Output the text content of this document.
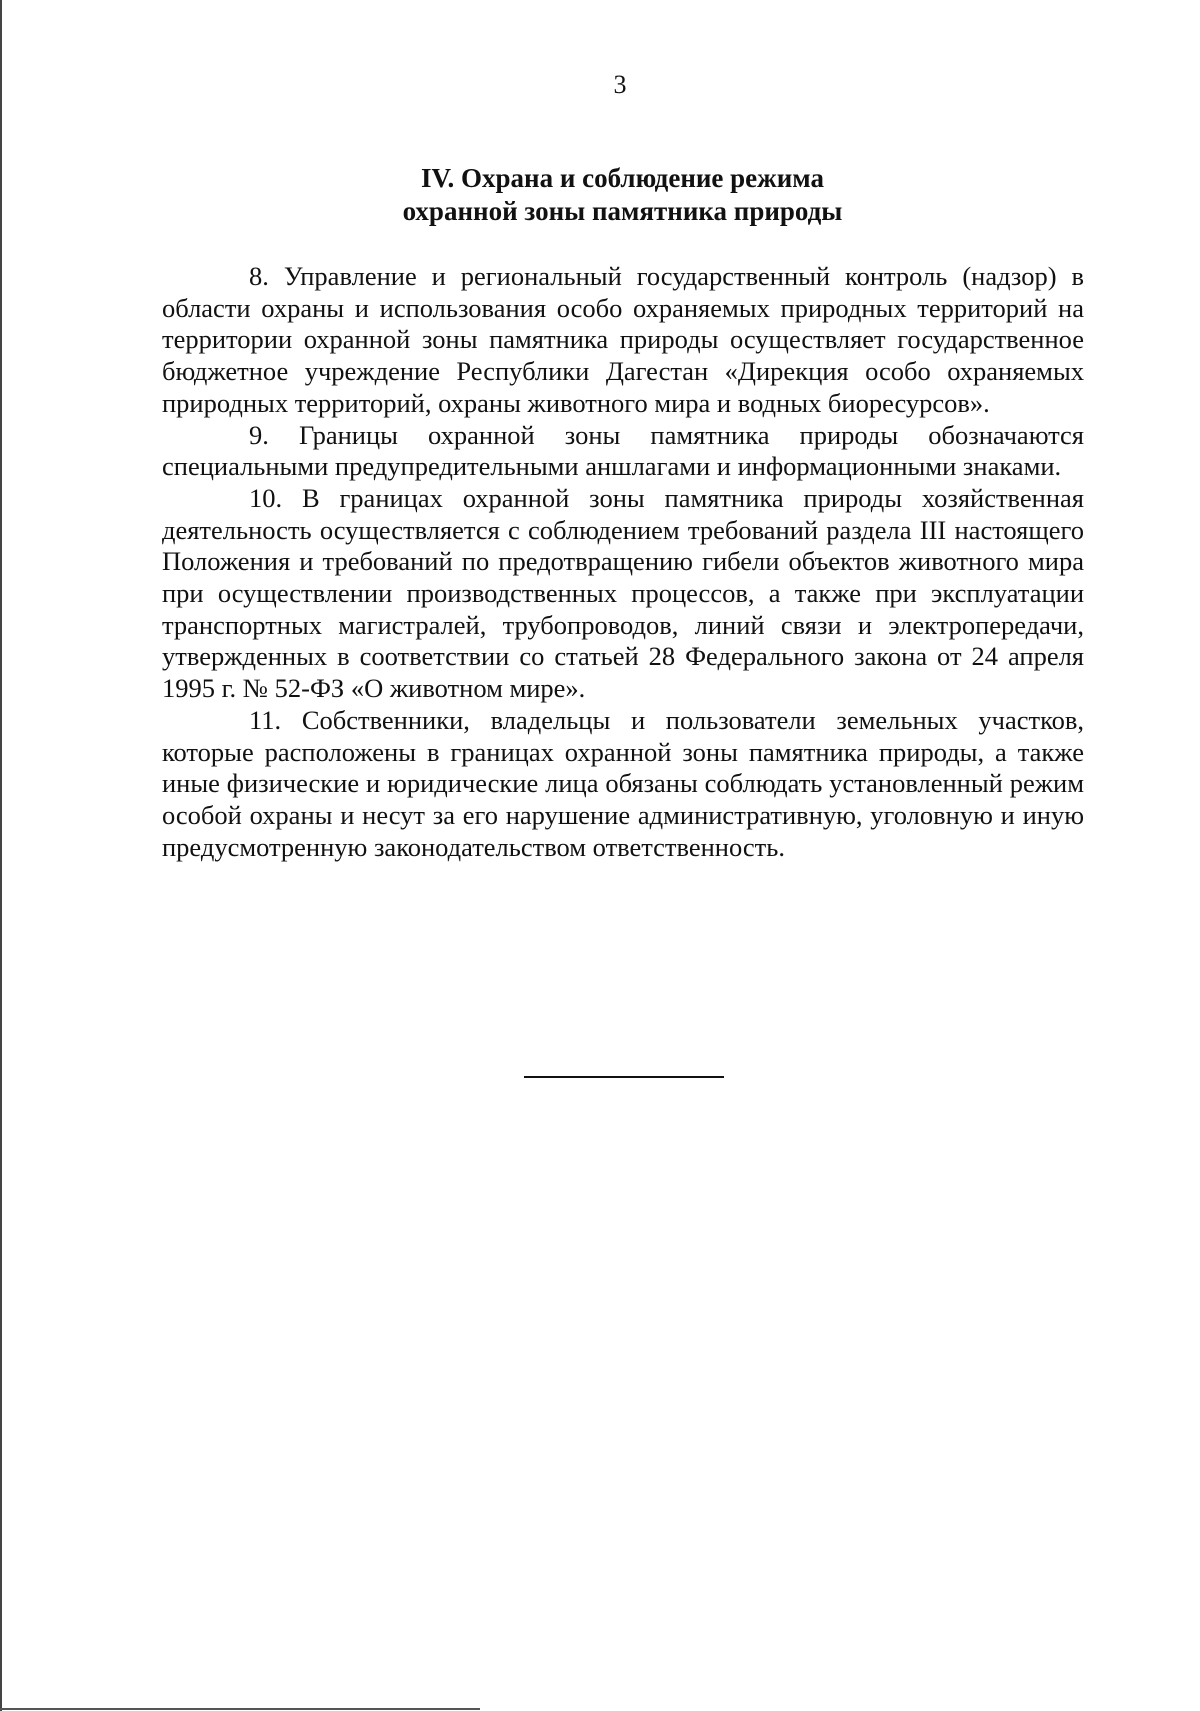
3
IV. Охрана и соблюдение режима
охранной зоны памятника природы

8. Управление и региональный государственный контроль (надзор) в области охраны и использования особо охраняемых природных территорий на территории охранной зоны памятника природы осуществляет государственное бюджетное учреждение Республики Дагестан «Дирекция особо охраняемых природных территорий, охраны животного мира и водных биоресурсов».

9. Границы охранной зоны памятника природы обозначаются специальными предупредительными аншлагами и информационными знаками.

10. В границах охранной зоны памятника природы хозяйственная деятельность осуществляется с соблюдением требований раздела III настоящего Положения и требований по предотвращению гибели объектов животного мира при осуществлении производственных процессов, а также при эксплуатации транспортных магистралей, трубопроводов, линий связи и электропередачи, утвержденных в соответствии со статьей 28 Федерального закона от 24 апреля 1995 г. № 52-ФЗ «О животном мире».

11. Собственники, владельцы и пользователи земельных участков, которые расположены в границах охранной зоны памятника природы, а также иные физические и юридические лица обязаны соблюдать установленный режим особой охраны и несут за его нарушение административную, уголовную и иную предусмотренную законодательством ответственность.
